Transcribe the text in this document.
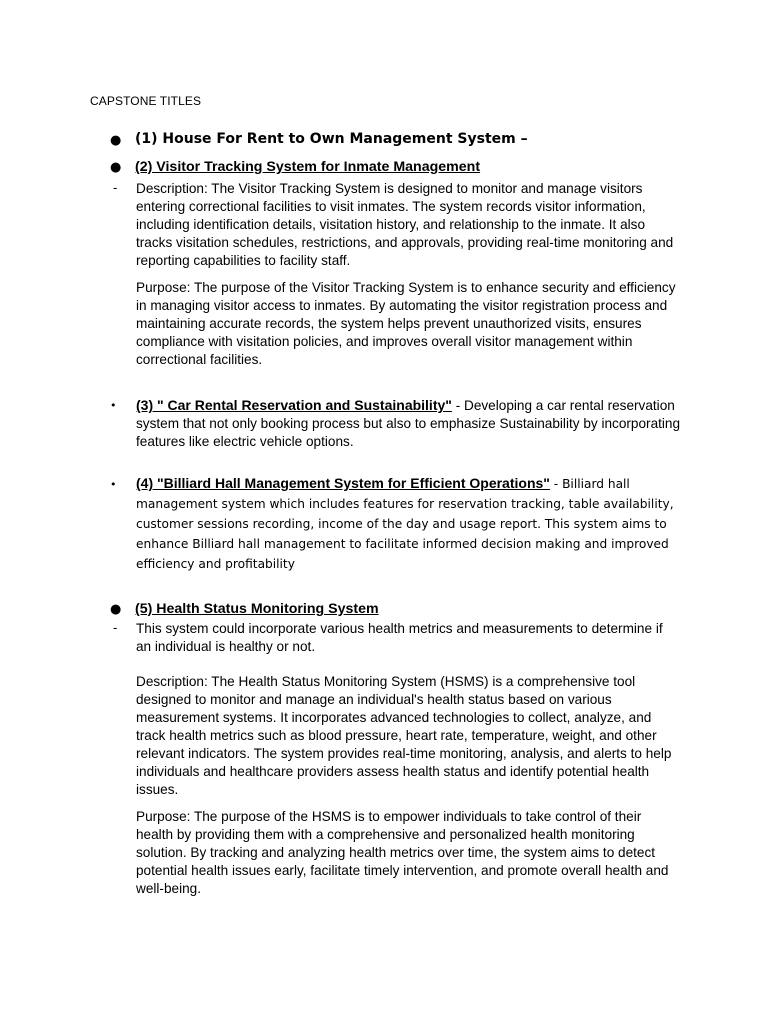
CAPSTONE TITLES
● (1) House For Rent to Own Management System –
● (2) Visitor Tracking System for Inmate Management
- Description: The Visitor Tracking System is designed to monitor and manage visitors entering correctional facilities to visit inmates. The system records visitor information, including identification details, visitation history, and relationship to the inmate. It also tracks visitation schedules, restrictions, and approvals, providing real-time monitoring and reporting capabilities to facility staff.
Purpose: The purpose of the Visitor Tracking System is to enhance security and efficiency in managing visitor access to inmates. By automating the visitor registration process and maintaining accurate records, the system helps prevent unauthorized visits, ensures compliance with visitation policies, and improves overall visitor management within correctional facilities.
• (3) " Car Rental Reservation and Sustainability" - Developing a car rental reservation system that not only booking process but also to emphasize Sustainability by incorporating features like electric vehicle options.
• (4) "Billiard Hall Management System for Efficient Operations" - Billiard hall management system which includes features for reservation tracking, table availability, customer sessions recording, income of the day and usage report. This system aims to enhance Billiard hall management to facilitate informed decision making and improved efficiency and profitability
● (5) Health Status Monitoring System
- This system could incorporate various health metrics and measurements to determine if an individual is healthy or not.
Description: The Health Status Monitoring System (HSMS) is a comprehensive tool designed to monitor and manage an individual's health status based on various measurement systems. It incorporates advanced technologies to collect, analyze, and track health metrics such as blood pressure, heart rate, temperature, weight, and other relevant indicators. The system provides real-time monitoring, analysis, and alerts to help individuals and healthcare providers assess health status and identify potential health issues.
Purpose: The purpose of the HSMS is to empower individuals to take control of their health by providing them with a comprehensive and personalized health monitoring solution. By tracking and analyzing health metrics over time, the system aims to detect potential health issues early, facilitate timely intervention, and promote overall health and well-being.
